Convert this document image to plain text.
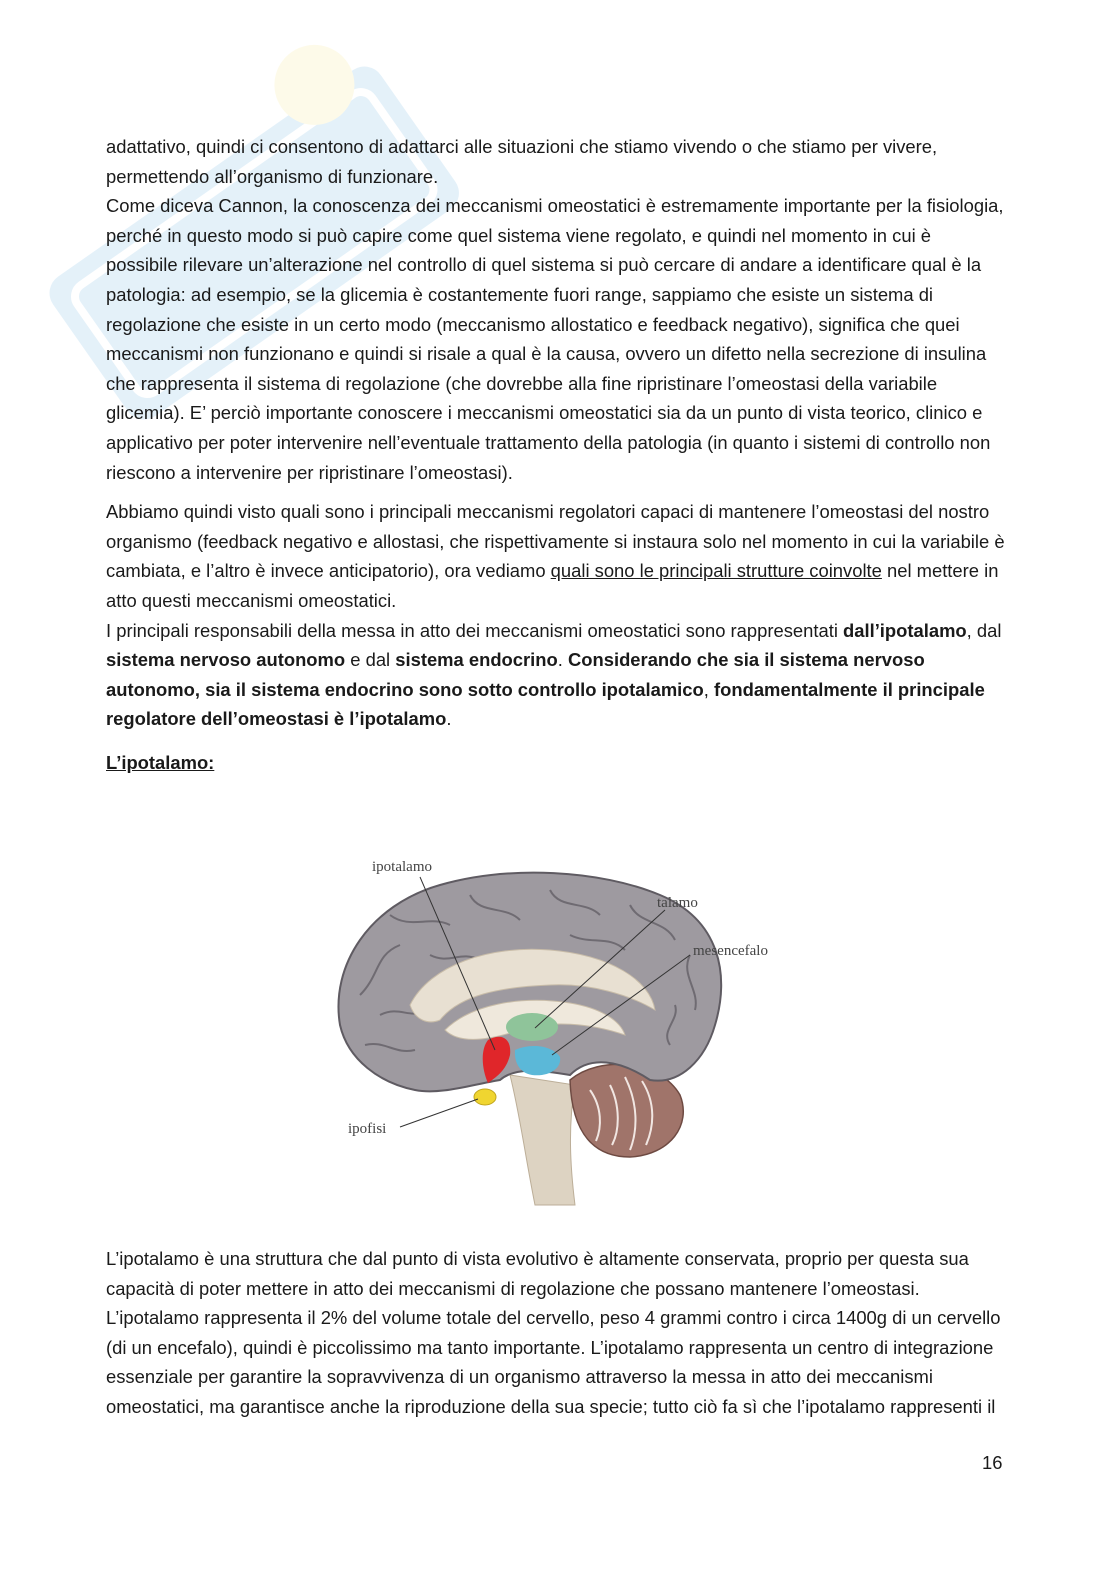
adattativo, quindi ci consentono di adattarci alle situazioni che stiamo vivendo o che stiamo per vivere, permettendo all’organismo di funzionare.

Come diceva Cannon, la conoscenza dei meccanismi omeostatici è estremamente importante per la fisiologia, perché in questo modo si può capire come quel sistema viene regolato, e quindi nel momento in cui è possibile rilevare un’alterazione nel controllo di quel sistema si può cercare di andare a identificare qual è la patologia: ad esempio, se la glicemia è costantemente fuori range, sappiamo che esiste un sistema di regolazione che esiste in un certo modo (meccanismo allostatico e feedback negativo), significa che quei meccanismi non funzionano e quindi si risale a qual è la causa, ovvero un difetto nella secrezione di insulina che rappresenta il sistema di regolazione (che dovrebbe alla fine ripristinare l’omeostasi della variabile glicemia). E’ perciò importante conoscere i meccanismi omeostatici sia da un punto di vista teorico, clinico e applicativo per poter intervenire nell’eventuale trattamento della patologia (in quanto i sistemi di controllo non riescono a intervenire per ripristinare l’omeostasi).

Abbiamo quindi visto quali sono i principali meccanismi regolatori capaci di mantenere l’omeostasi del nostro organismo (feedback negativo e allostasi, che rispettivamente si instaura solo nel momento in cui la variabile è cambiata, e l’altro è invece anticipatorio), ora vediamo quali sono le principali strutture coinvolte nel mettere in atto questi meccanismi omeostatici.

I principali responsabili della messa in atto dei meccanismi omeostatici sono rappresentati dall’ipotalamo, dal sistema nervoso autonomo e dal sistema endocrino. Considerando che sia il sistema nervoso autonomo, sia il sistema endocrino sono sotto controllo ipotalamico, fondamentalmente il principale regolatore dell’omeostasi è l’ipotalamo.

L’ipotalamo:

ipotalamo
talamo
mesencefalo
ipofisi

L’ipotalamo è una struttura che dal punto di vista evolutivo è altamente conservata, proprio per questa sua capacità di poter mettere in atto dei meccanismi di regolazione che possano mantenere l’omeostasi. L’ipotalamo rappresenta il 2% del volume totale del cervello, peso 4 grammi contro i circa 1400g di un cervello (di un encefalo), quindi è piccolissimo ma tanto importante. L’ipotalamo rappresenta un centro di integrazione essenziale per garantire la sopravvivenza di un organismo attraverso la messa in atto dei meccanismi omeostatici, ma garantisce anche la riproduzione della sua specie; tutto ciò fa sì che l’ipotalamo rappresenti il

16
